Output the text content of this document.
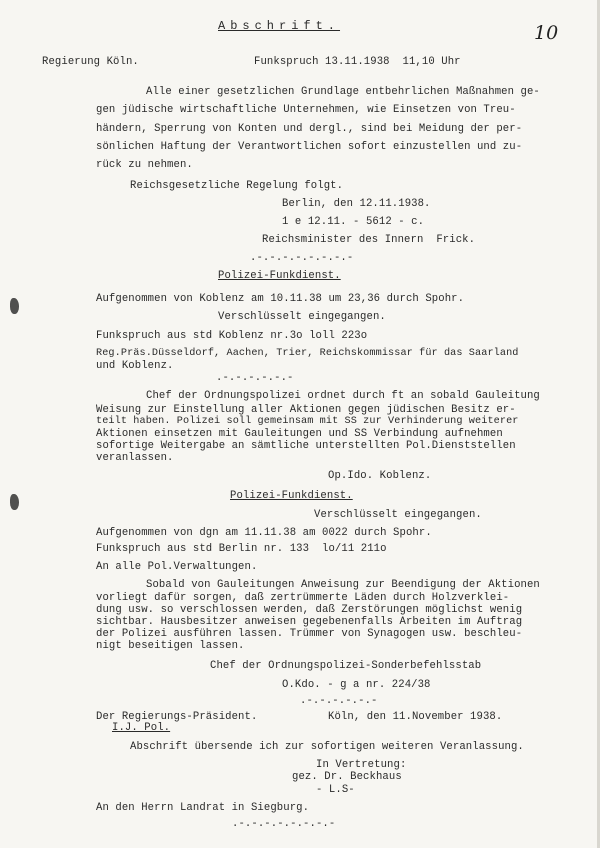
Abschrift.	10
Regierung Köln.	Funkspruch 13.11.1938  11,10 Uhr
Alle einer gesetzlichen Grundlage entbehrlichen Maßnahmen ge-
gen jüdische wirtschaftliche Unternehmen, wie Einsetzen von Treu-
händern, Sperrung von Konten und dergl., sind bei Meidung der per-
sönlichen Haftung der Verantwortlichen sofort einzustellen und zu-
rück zu nehmen.
Reichsgesetzliche Regelung folgt.
Berlin, den 12.11.1938.
1 e 12.11. - 5612 - c.
Reichsminister des Innern  Frick.
.-.-.-.-.-.-.-.-
Polizei-Funkdienst.
Aufgenommen von Koblenz am 10.11.38 um 23,36 durch Spohr.
Verschlüsselt eingegangen.
Funkspruch aus std Koblenz nr.3o loll 223o
Reg.Präs.Düsseldorf, Aachen, Trier, Reichskommissar für das Saarland
und Koblenz.
.-.-.-.-.-.-
Chef der Ordnungspolizei ordnet durch ft an sobald Gauleitung
Weisung zur Einstellung aller Aktionen gegen jüdischen Besitz er-
teilt haben. Polizei soll gemeinsam mit SS zur Verhinderung weiterer
Aktionen einsetzen mit Gauleitungen und SS Verbindung aufnehmen
sofortige Weitergabe an sämtliche unterstellten Pol.Dienststellen
veranlassen.
Op.Ido. Koblenz.
Polizei-Funkdienst.
Verschlüsselt eingegangen.
Aufgenommen von dgn am 11.11.38 am 0022 durch Spohr.
Funkspruch aus std Berlin nr. 133  lo/11 211o
An alle Pol.Verwaltungen.
Sobald von Gauleitungen Anweisung zur Beendigung der Aktionen
vorliegt dafür sorgen, daß zertrümmerte Läden durch Holzverklei-
dung usw. so verschlossen werden, daß Zerstörungen möglichst wenig
sichtbar. Hausbesitzer anweisen gegebenenfalls Arbeiten im Auftrag
der Polizei ausführen lassen. Trümmer von Synagogen usw. beschleu-
nigt beseitigen lassen.
Chef der Ordnungspolizei-Sonderbefehlsstab
O.Kdo. - g a nr. 224/38
.-.-.-.-.-.-
Der Regierungs-Präsident.	Köln, den 11.November 1938.
I.J. Pol.
Abschrift übersende ich zur sofortigen weiteren Veranlassung.
In Vertretung:
gez. Dr. Beckhaus
- L.S-
An den Herrn Landrat in Siegburg.
.-.-.-.-.-.-.-.-
